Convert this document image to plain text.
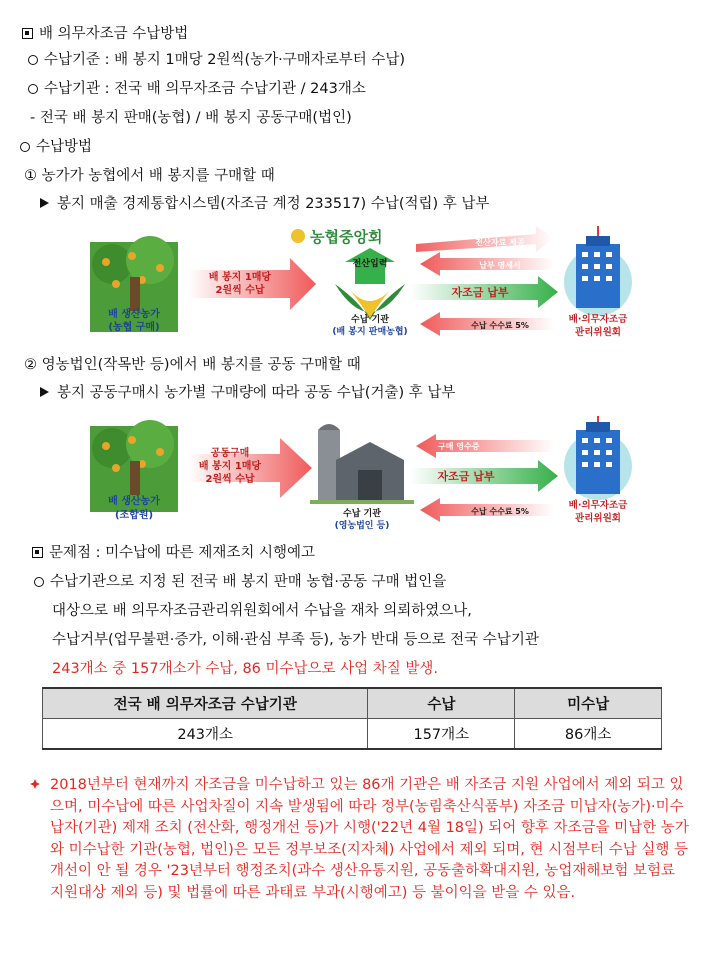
배 의무자조금 수납방법
수납기준 : 배 봉지 1매당 2원씩(농가·구매자로부터 수납)
수납기관 : 전국 배 의무자조금 수납기관 / 243개소
- 전국 배 봉지 판매(농협) / 배 봉지 공동구매(법인)
수납방법
① 농가가 농협에서 배 봉지를 구매할 때
봉지 매출 경제통합시스템(자조금 계정 233517) 수납(적립) 후 납부
배 생산농가
(농협 구매)
배 봉지 1매당
2원씩 수납
농협중앙회
전산입력
수납 기관
(배 봉지 판매농협)
전산자료 제공
납부 명세서
자조금 납부
수납 수수료 5%
배·의무자조금
관리위원회
② 영농법인(작목반 등)에서 배 봉지를 공동 구매할 때
봉지 공동구매시 농가별 구매량에 따라 공동 수납(거출) 후 납부
배 생산농가
(조합원)
공동구매
배 봉지 1매당
2원씩 수납
수납 기관
(영농법인 등)
구매 영수증
자조금 납부
수납 수수료 5%
배·의무자조금
관리위원회
문제점 : 미수납에 따른 제재조치 시행예고
수납기관으로 지정 된 전국 배 봉지 판매 농협·공동 구매 법인을
대상으로 배 의무자조금관리위원회에서 수납을 재차 의뢰하였으나,
수납거부(업무불편·증가, 이해·관심 부족 등), 농가 반대 등으로 전국 수납기관
243개소 중 157개소가 수납, 86 미수납으로 사업 차질 발생.
전국 배 의무자조금 수납기관	수납	미수납
243개소	157개소	86개소

2018년부터 현재까지 자조금을 미수납하고 있는 86개 기관은 배 자조금 지원 사업에서 제외 되고 있으며, 미수납에 따른 사업차질이 지속 발생됨에 따라 정부(농림축산식품부) 자조금 미납자(농가)·미수납자(기관) 제재 조치 (전산화, 행정개선 등)가 시행('22년 4월 18일) 되어 향후 자조금을 미납한 농가와 미수납한 기관(농협, 법인)은 모든 정부보조(지자체) 사업에서 제외 되며, 현 시점부터 수납 실행 등 개선이 안 될 경우 '23년부터 행정조치(과수 생산유통지원, 공동출하확대지원, 농업재해보험 보험료 지원대상 제외 등) 및 법률에 따른 과태료 부과(시행예고) 등 불이익을 받을 수 있음.
